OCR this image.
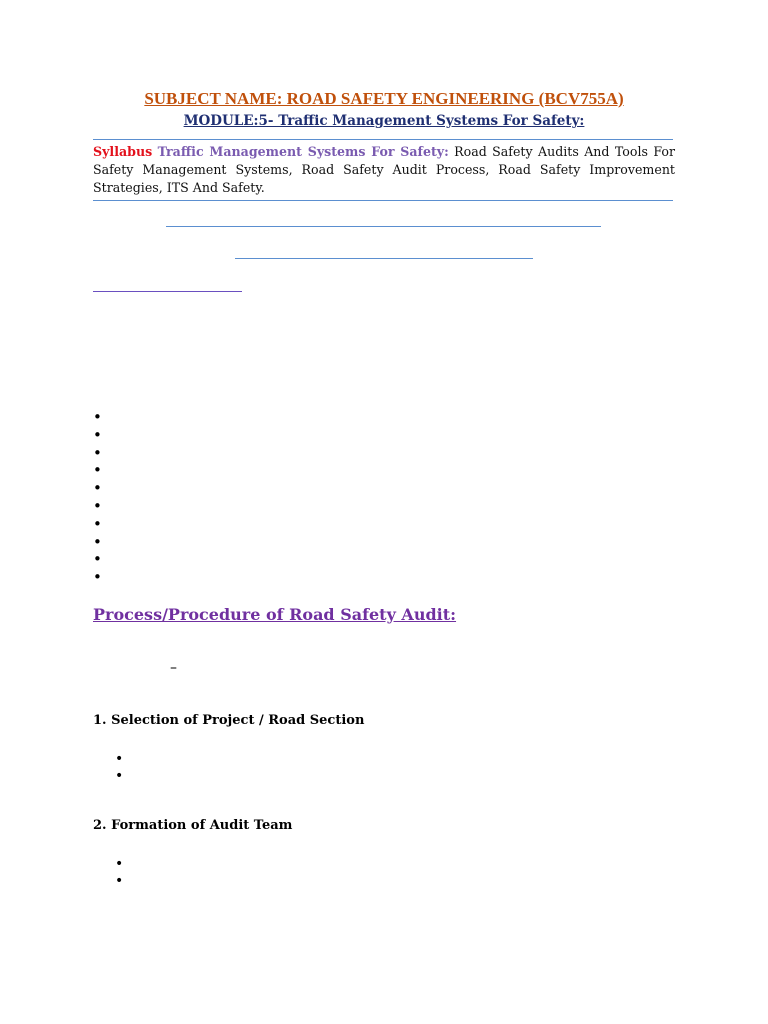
SUBJECT NAME: ROAD SAFETY ENGINEERING (BCV755A)
MODULE:5- Traffic Management Systems For Safety:
Syllabus Traffic Management Systems For Safety: Road Safety Audits And Tools For Safety Management Systems, Road Safety Audit Process, Road Safety Improvement Strategies, ITS And Safety.
•
•
•
•
•
•
•
•
•
•
Process/Procedure of Road Safety Audit:
–
1. Selection of Project / Road Section
•
•
2. Formation of Audit Team
•
•
